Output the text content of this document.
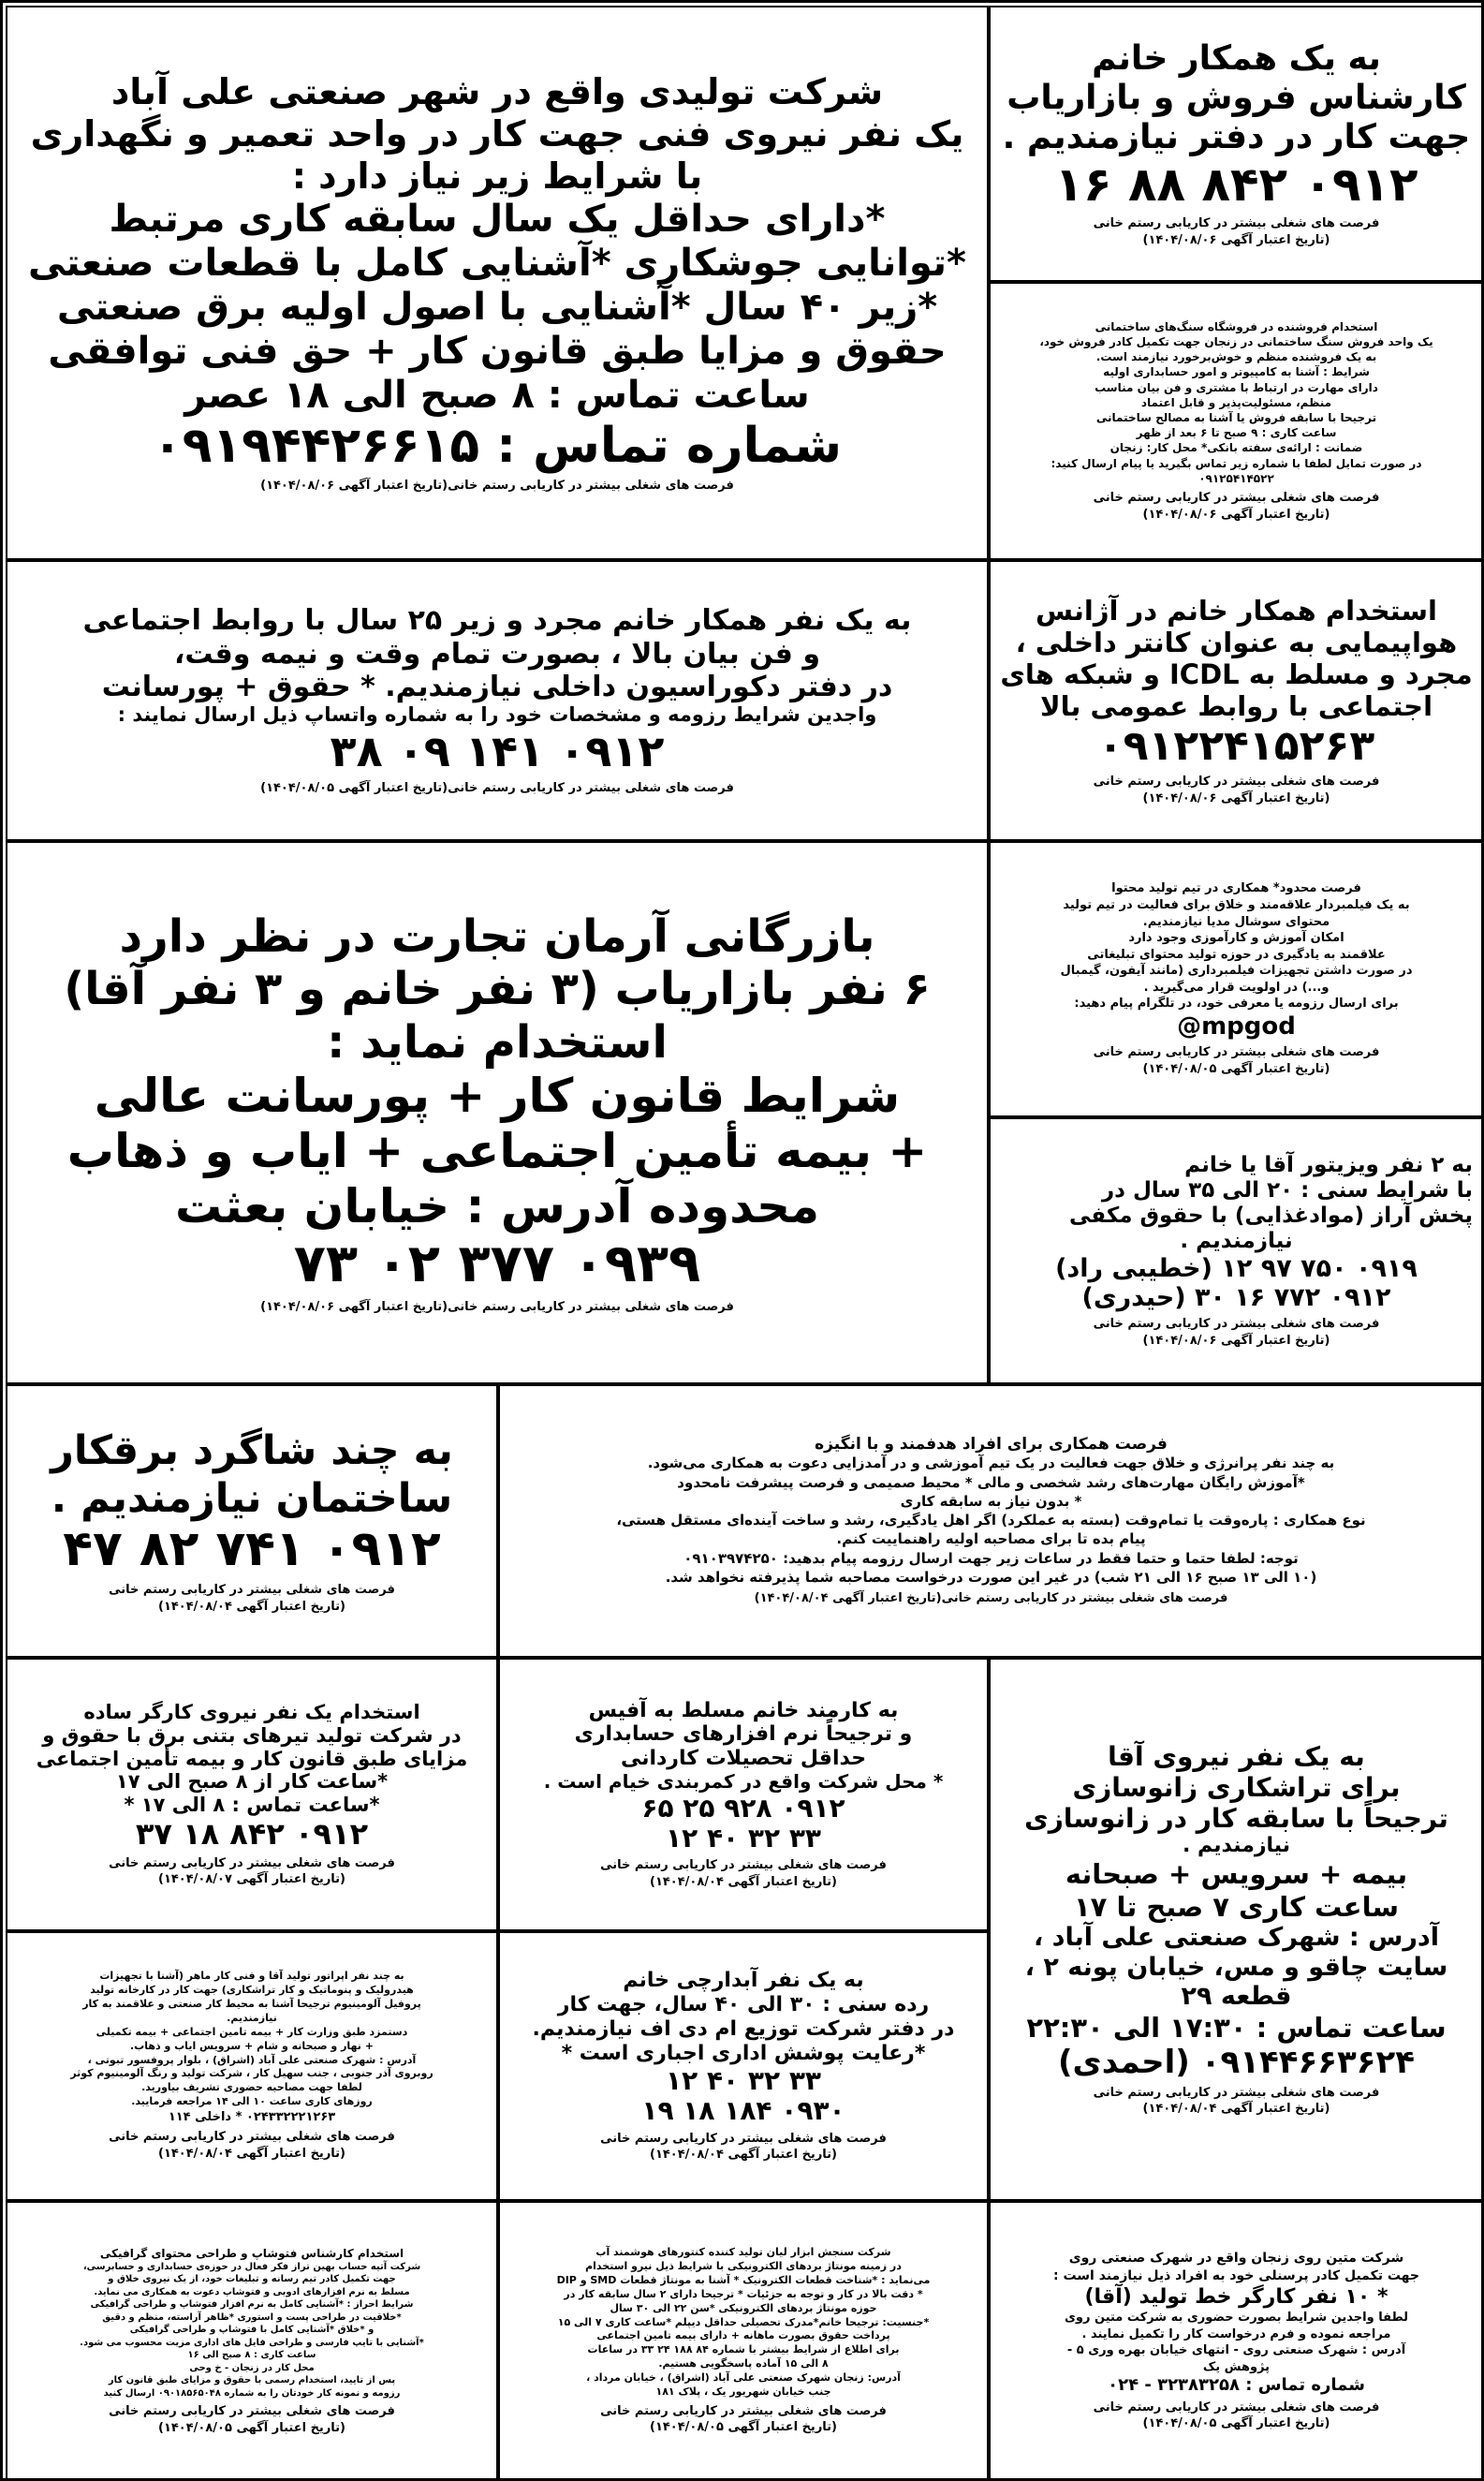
شرکت تولیدی واقع در شهر صنعتی علی آباد
یک نفر نیروی فنی جهت کار در واحد تعمیر و نگهداری
با شرایط زیر نیاز دارد :
*دارای حداقل یک سال سابقه کاری مرتبط
*توانایی جوشکاری *آشنایی کامل با قطعات صنعتی
*زیر ۴۰ سال *آشنایی با اصول اولیه برق صنعتی
حقوق و مزایا طبق قانون کار + حق فنی توافقی
ساعت تماس : ۸ صبح الی ۱۸ عصر
شماره تماس : ۰۹۱۹۴۴۲۶۶۱۵
فرصت های شغلی بیشتر در کاریابی رستم خانی(تاریخ اعتبار آگهی ۱۴۰۴/۰۸/۰۶)
به یک همکار خانم
کارشناس فروش و بازاریاب
جهت کار در دفتر نیازمندیم .
۰۹۱۲ ۸۴۲ ۸۸ ۱۶
فرصت های شغلی بیشتر در کاریابی رستم خانی
(تاریخ اعتبار آگهی ۱۴۰۴/۰۸/۰۶)
استخدام فروشنده در فروشگاه سنگ‌های ساختمانی
یک واحد فروش سنگ ساختمانی در زنجان جهت تکمیل کادر فروش خود،
به یک فروشنده منظم و خوش‌برخورد نیازمند است.
شرایط : آشنا به کامپیوتر و امور حسابداری اولیه
دارای مهارت در ارتباط با مشتری و فن بیان مناسب
منظم، مسئولیت‌پذیر و قابل اعتماد
ترجیحا با سابقه فروش یا آشنا به مصالح ساختمانی
ساعت کاری : ۹ صبح تا ۶ بعد از ظهر
ضمانت : ارائه‌ی سفته بانکی* محل کار: زنجان
در صورت تمایل لطفا با شماره زیر تماس بگیرید یا پیام ارسال کنید:
۰۹۱۲۵۴۱۴۵۲۲
فرصت های شغلی بیشتر در کاریابی رستم خانی
(تاریخ اعتبار آگهی ۱۴۰۴/۰۸/۰۶)
به یک نفر همکار خانم مجرد و زیر ۲۵ سال با روابط اجتماعی
و فن بیان بالا ، بصورت تمام وقت و نیمه وقت،
در دفتر دکوراسیون داخلی نیازمندیم. * حقوق + پورسانت
واجدین شرایط رزومه و مشخصات خود را به شماره واتساپ ذیل ارسال نمایند :
۰۹۱۲ ۱۴۱ ۰۹ ۳۸
فرصت های شغلی بیشتر در کاریابی رستم خانی(تاریخ اعتبار آگهی ۱۴۰۴/۰۸/۰۵)
استخدام همکار خانم در آژانس
هواپیمایی به عنوان کانتر داخلی ،
مجرد و مسلط به ICDL و شبکه های
اجتماعی با روابط عمومی بالا
۰۹۱۲۲۴۱۵۲۶۳
فرصت های شغلی بیشتر در کاریابی رستم خانی
(تاریخ اعتبار آگهی ۱۴۰۴/۰۸/۰۶)
بازرگانی آرمان تجارت در نظر دارد
۶ نفر بازاریاب (۳ نفر خانم و ۳ نفر آقا)
استخدام نماید :
شرایط قانون کار + پورسانت عالی
+ بیمه تأمین اجتماعی + ایاب و ذهاب
محدوده آدرس : خیابان بعثت
۰۹۳۹ ۳۷۷ ۰۲ ۷۳
فرصت های شغلی بیشتر در کاریابی رستم خانی(تاریخ اعتبار آگهی ۱۴۰۴/۰۸/۰۶)
فرصت محدود* همکاری در تیم تولید محتوا
به یک فیلمبردار علاقه‌مند و خلاق برای فعالیت در تیم تولید
محتوای سوشال مدیا نیازمندیم.
امکان آموزش و کارآموزی وجود دارد
علاقمند به یادگیری در حوزه تولید محتوای تبلیغاتی
در صورت داشتن تجهیزات فیلمبرداری (مانند آیفون، گیمبال
و...) در اولویت قرار می‌گیرید .
برای ارسال رزومه یا معرفی خود، در تلگرام پیام دهید:
@mpgod
فرصت های شغلی بیشتر در کاریابی رستم خانی
(تاریخ اعتبار آگهی ۱۴۰۴/۰۸/۰۵)
به ۲ نفر ویزیتور آقا یا خانم
با شرایط سنی : ۲۰ الی ۳۵ سال در
پخش آراز (موادغذایی) با حقوق مکفی
نیازمندیم .
۰۹۱۹ ۷۵۰ ۹۷ ۱۲ (خطیبی راد)
۰۹۱۲ ۷۷۲ ۱۶ ۳۰ (حیدری)
فرصت های شغلی بیشتر در کاریابی رستم خانی
(تاریخ اعتبار آگهی ۱۴۰۴/۰۸/۰۶)
به چند شاگرد برقکار
ساختمان نیازمندیم .
۰۹۱۲ ۷۴۱ ۸۲ ۴۷
فرصت های شغلی بیشتر در کاریابی رستم خانی
(تاریخ اعتبار آگهی ۱۴۰۴/۰۸/۰۴)
فرصت همکاری برای افراد هدفمند و با انگیزه
به چند نفر پرانرژی و خلاق جهت فعالیت در یک تیم آموزشی و در آمدزایی دعوت به همکاری می‌شود.
*آموزش رایگان مهارت‌های رشد شخصی و مالی * محیط صمیمی و فرصت پیشرفت نامحدود
* بدون نیاز به سابقه کاری
نوع همکاری : پاره‌وقت یا تمام‌وقت (بسته به عملکرد) اگر اهل یادگیری، رشد و ساخت آینده‌ای مستقل هستی،
پیام بده تا برای مصاحبه اولیه راهنماییت کنم.
توجه: لطفا حتما و حتما فقط در ساعات زیر جهت ارسال رزومه پیام بدهید: ۰۹۱۰۳۹۷۴۲۵۰
(۱۰ الی ۱۳ صبح ۱۶ الی ۲۱ شب) در غیر این صورت درخواست مصاحبه شما پذیرفته نخواهد شد.
فرصت های شغلی بیشتر در کاریابی رستم خانی(تاریخ اعتبار آگهی ۱۴۰۴/۰۸/۰۴)
به یک نفر نیروی آقا
برای تراشکاری زانوسازی
ترجیحاً با سابقه کار در زانوسازی
نیازمندیم .
بیمه + سرویس + صبحانه
ساعت کاری ۷ صبح تا ۱۷
آدرس : شهرک صنعتی علی آباد ،
سایت چاقو و مس، خیابان پونه ۲ ،
قطعه ۲۹
ساعت تماس : ۱۷:۳۰ الی ۲۲:۳۰
۰۹۱۴۴۶۶۳۶۲۴ (احمدی)
فرصت های شغلی بیشتر در کاریابی رستم خانی
(تاریخ اعتبار آگهی ۱۴۰۴/۰۸/۰۴)
به کارمند خانم مسلط به آفیس
و ترجیحاً نرم افزارهای حسابداری
حداقل تحصیلات کاردانی
* محل شرکت واقع در کمربندی خیام است .
۰۹۱۲ ۹۲۸ ۲۵ ۶۵
۳۳ ۳۲ ۴۰ ۱۲
فرصت های شغلی بیشتر در کاریابی رستم خانی
(تاریخ اعتبار آگهی ۱۴۰۴/۰۸/۰۴)
استخدام یک نفر نیروی کارگر ساده
در شرکت تولید تیرهای بتنی برق با حقوق و
مزایای طبق قانون کار و بیمه تأمین اجتماعی
*ساعت کار از ۸ صبح الی ۱۷
*ساعت تماس : ۸ الی ۱۷ *
۰۹۱۲ ۸۴۲ ۱۸ ۳۷
فرصت های شغلی بیشتر در کاریابی رستم خانی
(تاریخ اعتبار آگهی ۱۴۰۴/۰۸/۰۷)
به چند نفر اپراتور تولید آقا و فنی کار ماهر (آشنا با تجهیزات
هیدرولیک و پنوماتیک و کار تراشکاری) جهت کار در کارخانه تولید
پروفیل آلومینیوم ترجیحا آشنا به محیط کار صنعتی و علاقمند به کار
نیازمندیم.
دستمزد طبق وزارت کار + بیمه تامین اجتماعی + بیمه تکمیلی
+ نهار و صبحانه و شام + سرویس ایاب و ذهاب.
آدرس : شهرک صنعتی علی آباد (اشراق) ، بلوار پروفسور تبوتی ،
روبروی آذر جنوبی ، جنب سهیل کار ، شرکت تولید و رنگ آلومینیوم کوثر
لطفا جهت مصاحبه حضوری تشریف بیاورید.
روزهای کاری ساعت ۱۰ الی ۱۴ مراجعه فرمایید.
۰۲۴۳۳۲۲۲۱۲۶۳ * داخلی ۱۱۴
فرصت های شغلی بیشتر در کاریابی رستم خانی
(تاریخ اعتبار آگهی ۱۴۰۴/۰۸/۰۴)
به یک نفر آبدارچی خانم
رده سنی : ۳۰ الی ۴۰ سال، جهت کار
در دفتر شرکت توزیع ام دی اف نیازمندیم.
*رعایت پوشش اداری اجباری است *
۳۳ ۳۲ ۴۰ ۱۲
۰۹۳۰ ۱۸۴ ۱۸ ۱۹
فرصت های شغلی بیشتر در کاریابی رستم خانی
(تاریخ اعتبار آگهی ۱۴۰۴/۰۸/۰۴)
شرکت متین روی زنجان واقع در شهرک صنعتی روی
جهت تکمیل کادر پرسنلی خود به افراد ذیل نیازمند است :
* ۱۰ نفر کارگر خط تولید (آقا)
لطفا واجدین شرایط بصورت حضوری به شرکت متین روی
مراجعه نموده و فرم درخواست کار را تکمیل نمایند .
آدرس : شهرک صنعتی روی - انتهای خیابان بهره وری ۵ -
پژوهش یک
شماره تماس : ۳۲۳۸۳۲۵۸ - ۰۲۴
فرصت های شغلی بیشتر در کاریابی رستم خانی
(تاریخ اعتبار آگهی ۱۴۰۴/۰۸/۰۵)
شرکت سنجش ابزار لیان تولید کننده کنتورهای هوشمند آب
در زمینه مونتاژ بردهای الکترونیکی با شرایط ذیل نیرو استخدام
می‌نماید : *شناخت قطعات الکترونیک * آشنا به مونتاژ قطعات SMD و DIP
* دقت بالا در کار و توجه به جزئیات * ترجیحا دارای ۲ سال سابقه کار در
حوزه مونتاژ بردهای الکترونیکی *سن ۲۲ الی ۳۰ سال
*جنسیت: ترجیحا خانم*مدرک تحصیلی حداقل دیپلم *ساعت کاری ۷ الی ۱۵
پرداخت حقوق بصورت ماهانه + دارای بیمه تامین اجتماعی
برای اطلاع از شرایط بیشتر با شماره ۸۴ ۱۸۸ ۲۴ ۳۳ در ساعات
۸ الی ۱۵ آماده پاسخگویی هستیم.
آدرس: زنجان شهرک صنعتی علی آباد (اشراق) ، خیابان مرداد ،
جنب خیابان شهریور یک ، پلاک ۱۸۱
فرصت های شغلی بیشتر در کاریابی رستم خانی
(تاریخ اعتبار آگهی ۱۴۰۴/۰۸/۰۵)
استخدام کارشناس فتوشاپ و طراحی محتوای گرافیکی
شرکت آتیه حساب بهین تراز فکر فعال در حوزه‌ی حسابداری و حسابرسی،
جهت تکمیل کادر تیم رسانه و تبلیغات خود، از یک نیروی خلاق و
مسلط به نرم افزارهای ادوبی و فتوشاپ دعوت به همکاری می نماید.
شرایط احراز : *آشنایی کامل به نرم افزار فتوشاپ و طراحی گرافیکی
*خلاقیت در طراحی پست و استوری *ظاهر آراسته، منظم و دقیق
و *خلاق *آشنایی کامل با فتوشاپ و طراحی گرافیکی
*آشنایی با تایپ فارسی و طراحی فایل های اداری مزیت محسوب می شود.
ساعت کاری : ۸ صبح الی ۱۶
محل کار در زنجان - خ وحی
پس از تایید، استخدام رسمی با حقوق و مزایای طبق قانون کار
رزومه و نمونه کار خودتان را به شماره ۰۹۰۱۸۵۶۵۰۴۸ ارسال کنید
فرصت های شغلی بیشتر در کاریابی رستم خانی
(تاریخ اعتبار آگهی ۱۴۰۴/۰۸/۰۵)
